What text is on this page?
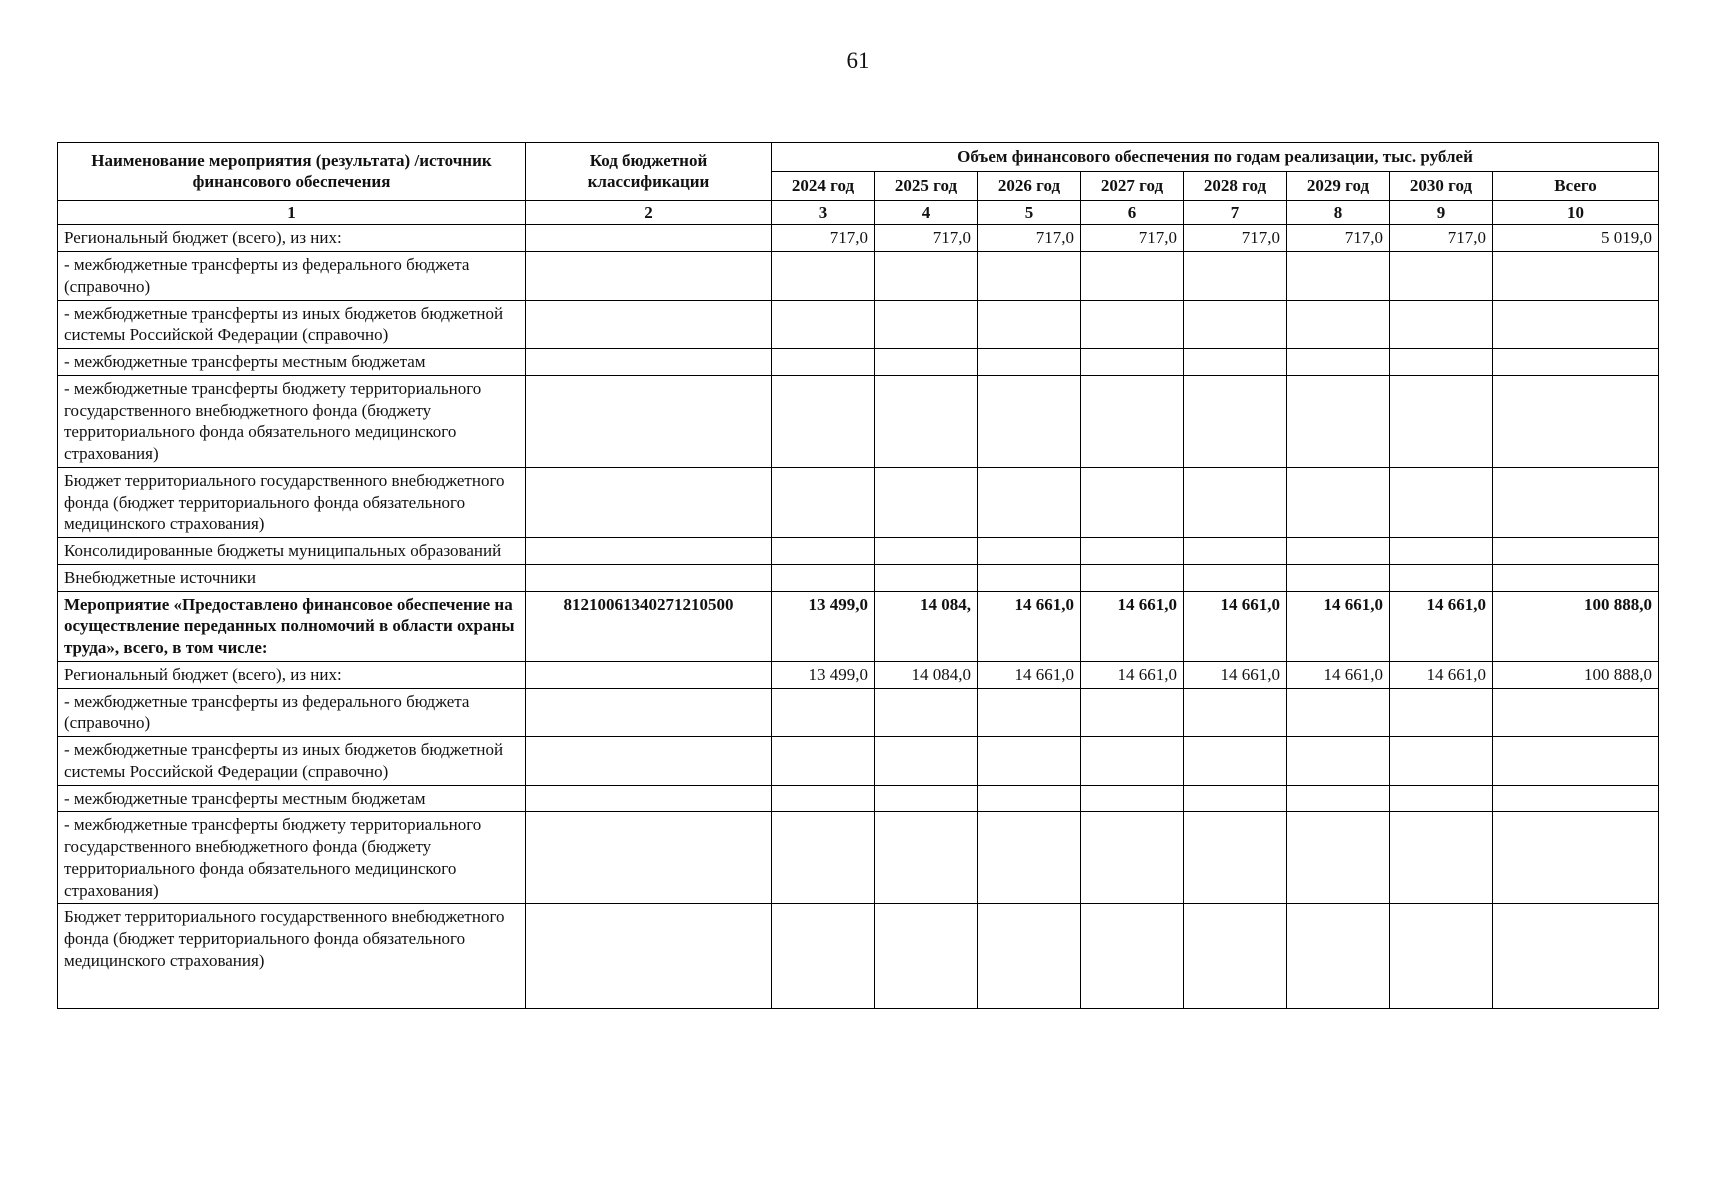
61
Наименование мероприятия (результата) /источник финансового обеспечения	Код бюджетной классификации	Объем финансового обеспечения по годам реализации, тыс. рублей							
		2024 год	2025 год	2026 год	2027 год	2028 год	2029 год	2030 год	Всего
1	2	3	4	5	6	7	8	9	10
Региональный бюджет (всего), из них:		717,0	717,0	717,0	717,0	717,0	717,0	717,0	5 019,0
- межбюджетные трансферты из федерального бюджета (справочно)									
- межбюджетные трансферты из иных бюджетов бюджетной системы Российской Федерации (справочно)									
- межбюджетные трансферты местным бюджетам									
- межбюджетные трансферты бюджету территориального государственного внебюджетного фонда (бюджету территориального фонда обязательного медицинского страхования)									
Бюджет территориального государственного внебюджетного фонда (бюджет территориального фонда обязательного медицинского страхования)									
Консолидированные бюджеты муниципальных образований									
Внебюджетные источники									
Мероприятие «Предоставлено финансовое обеспечение на осуществление переданных полномочий в области охраны труда», всего, в том числе:	81210061340271210500	13 499,0	14 084,	14 661,0	14 661,0	14 661,0	14 661,0	14 661,0	100 888,0
Региональный бюджет (всего), из них:		13 499,0	14 084,0	14 661,0	14 661,0	14 661,0	14 661,0	14 661,0	100 888,0
- межбюджетные трансферты из федерального бюджета (справочно)									
- межбюджетные трансферты из иных бюджетов бюджетной системы Российской Федерации (справочно)									
- межбюджетные трансферты местным бюджетам									
- межбюджетные трансферты бюджету территориального государственного внебюджетного фонда (бюджету территориального фонда обязательного медицинского страхования)									
Бюджет территориального государственного внебюджетного фонда (бюджет территориального фонда обязательного медицинского страхования)									
